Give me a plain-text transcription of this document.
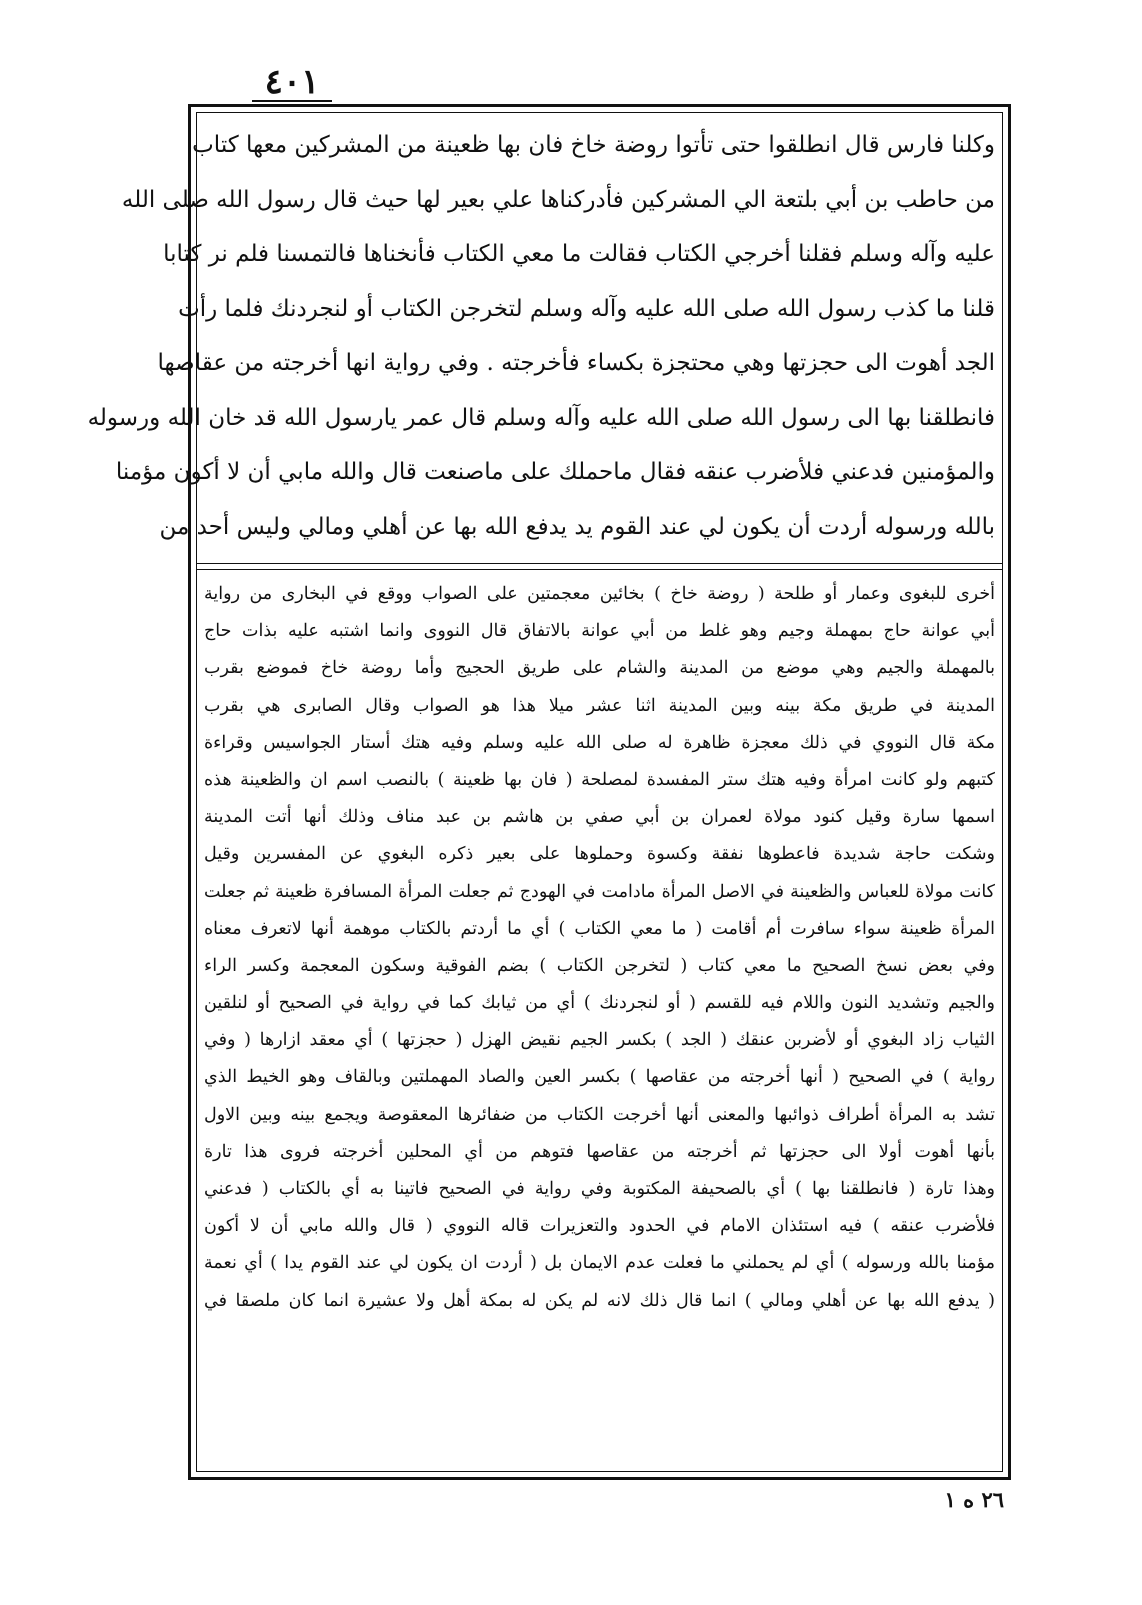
٤٠١
وكلنا فارس قال انطلقوا حتى تأتوا روضة خاخ فان بها ظعينة من المشركين معها كتاب
من حاطب بن أبي بلتعة الي المشركين فأدركناها علي بعير لها حيث قال رسول الله صلى الله
عليه وآله وسلم فقلنا أخرجي الكتاب فقالت ما معي الكتاب فأنخناها فالتمسنا فلم نر كتابا
قلنا ما كذب رسول الله صلى الله عليه وآله وسلم لتخرجن الكتاب أو لنجردنك فلما رأت
الجد أهوت الى حجزتها وهي محتجزة بكساء فأخرجته . وفي رواية انها أخرجته من عقاصها
فانطلقنا بها الى رسول الله صلى الله عليه وآله وسلم قال عمر يارسول الله قد خان الله ورسوله
والمؤمنين فدعني فلأضرب عنقه فقال ماحملك على ماصنعت قال والله مابي أن لا أكون مؤمنا
بالله ورسوله أردت أن يكون لي عند القوم يد يدفع الله بها عن أهلي ومالي وليس أحد من
أخرى للبغوى وعمار أو طلحة ( روضة خاخ ) بخائين معجمتين على الصواب ووقع في البخارى من رواية
أبي عوانة حاج بمهملة وجيم وهو غلط من أبي عوانة بالاتفاق قال النووى وانما اشتبه عليه بذات حاج
بالمهملة والجيم وهي موضع من المدينة والشام على طريق الحجيج وأما روضة خاخ فموضع بقرب
المدينة في طريق مكة بينه وبين المدينة اثنا عشر ميلا هذا هو الصواب وقال الصابرى هي بقرب
مكة قال النووي في ذلك معجزة ظاهرة له صلى الله عليه وسلم وفيه هتك أستار الجواسيس وقراءة
كتبهم ولو كانت امرأة وفيه هتك ستر المفسدة لمصلحة ( فان بها ظعينة ) بالنصب اسم ان والظعينة هذه
اسمها سارة وقيل كنود مولاة لعمران بن أبي صفي بن هاشم بن عبد مناف وذلك أنها أتت المدينة
وشكت حاجة شديدة فاعطوها نفقة وكسوة وحملوها على بعير ذكره البغوي عن المفسرين وقيل
كانت مولاة للعباس والظعينة في الاصل المرأة مادامت في الهودج ثم جعلت المرأة المسافرة ظعينة ثم جعلت
المرأة ظعينة سواء سافرت أم أقامت ( ما معي الكتاب ) أي ما أردتم بالكتاب موهمة أنها لاتعرف معناه
وفي بعض نسخ الصحيح ما معي كتاب ( لتخرجن الكتاب ) بضم الفوقية وسكون المعجمة وكسر الراء
والجيم وتشديد النون واللام فيه للقسم ( أو لنجردنك ) أي من ثيابك كما في رواية في الصحيح أو لنلقين
الثياب زاد البغوي أو لأضربن عنقك ( الجد ) بكسر الجيم نقيض الهزل ( حجزتها ) أي معقد ازارها ( وفي
رواية ) في الصحيح ( أنها أخرجته من عقاصها ) بكسر العين والصاد المهملتين وبالقاف وهو الخيط الذي
تشد به المرأة أطراف ذوائبها والمعنى أنها أخرجت الكتاب من ضفائرها المعقوصة ويجمع بينه وبين الاول
بأنها أهوت أولا الى حجزتها ثم أخرجته من عقاصها فتوهم من أي المحلين أخرجته فروى هذا تارة
وهذا تارة ( فانطلقنا بها ) أي بالصحيفة المكتوبة وفي رواية في الصحيح فاتينا به أي بالكتاب ( فدعني
فلأضرب عنقه ) فيه استئذان الامام في الحدود والتعزيرات قاله النووي ( قال والله مابي أن لا أكون
مؤمنا بالله ورسوله ) أي لم يحملني ما فعلت عدم الايمان بل ( أردت ان يكون لي عند القوم يدا ) أي نعمة
( يدفع الله بها عن أهلي ومالي ) انما قال ذلك لانه لم يكن له بمكة أهل ولا عشيرة انما كان ملصقا في
٢٦ ه ١
